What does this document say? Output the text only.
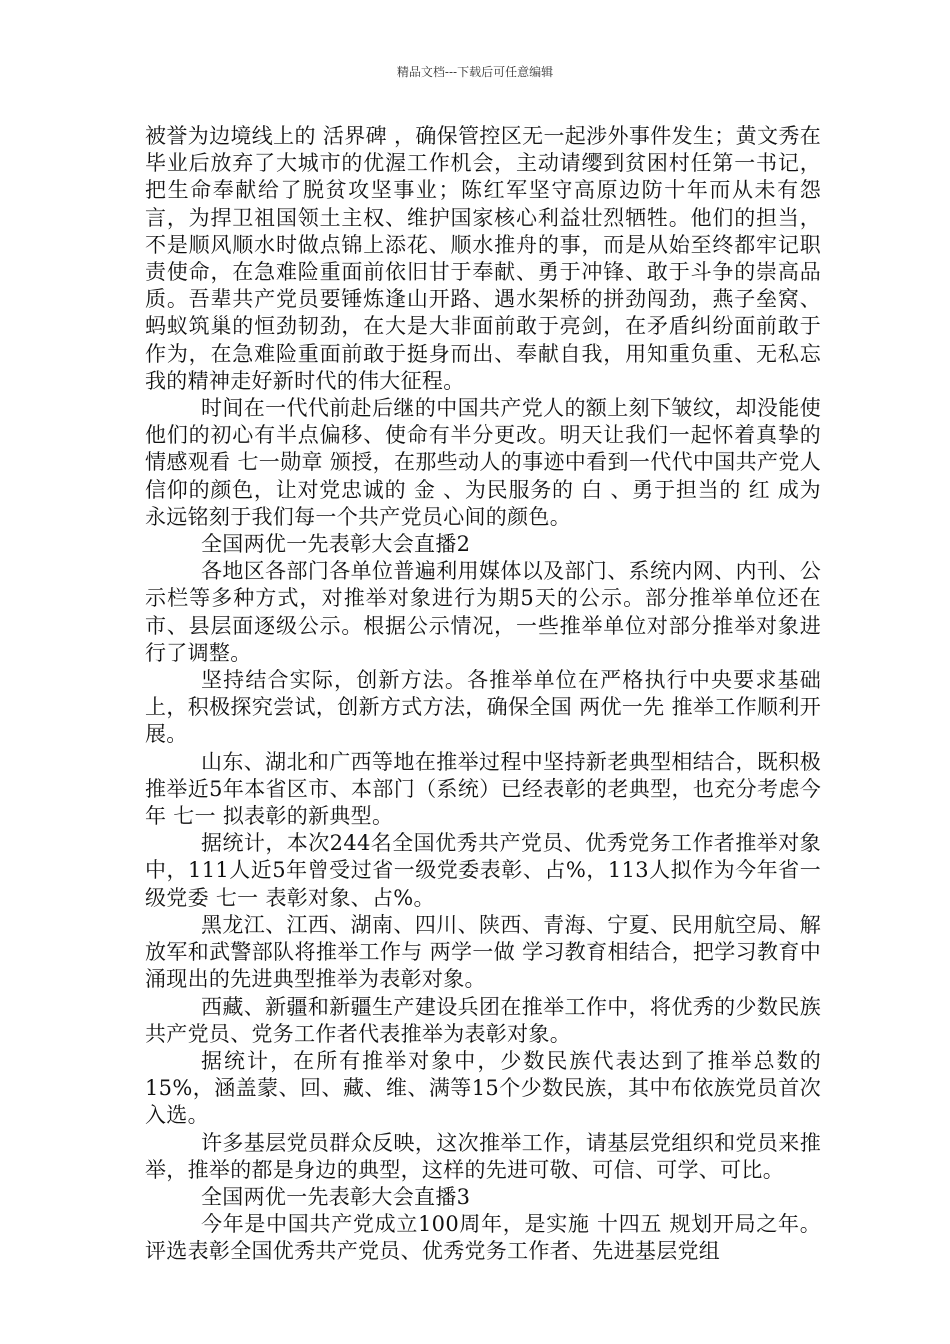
精品文档---下载后可任意编辑

被誉为边境线上的 活界碑 ，确保管控区无一起涉外事件发生；黄文秀在毕业后放弃了大城市的优渥工作机会，主动请缨到贫困村任第一书记，把生命奉献给了脱贫攻坚事业；陈红军坚守高原边防十年而从未有怨言，为捍卫祖国领土主权、维护国家核心利益壮烈牺牲。他们的担当，不是顺风顺水时做点锦上添花、顺水推舟的事，而是从始至终都牢记职责使命，在急难险重面前依旧甘于奉献、勇于冲锋、敢于斗争的崇高品质。吾辈共产党员要锤炼逢山开路、遇水架桥的拼劲闯劲，燕子垒窝、蚂蚁筑巢的恒劲韧劲，在大是大非面前敢于亮剑，在矛盾纠纷面前敢于作为，在急难险重面前敢于挺身而出、奉献自我，用知重负重、无私忘我的精神走好新时代的伟大征程。

时间在一代代前赴后继的中国共产党人的额上刻下皱纹，却没能使他们的初心有半点偏移、使命有半分更改。明天让我们一起怀着真挚的情感观看 七一勋章 颁授，在那些动人的事迹中看到一代代中国共产党人信仰的颜色，让对党忠诚的 金 、为民服务的 白 、勇于担当的 红 成为永远铭刻于我们每一个共产党员心间的颜色。

全国两优一先表彰大会直播2

各地区各部门各单位普遍利用媒体以及部门、系统内网、内刊、公示栏等多种方式，对推举对象进行为期5天的公示。部分推举单位还在市、县层面逐级公示。根据公示情况，一些推举单位对部分推举对象进行了调整。

坚持结合实际，创新方法。各推举单位在严格执行中央要求基础上，积极探究尝试，创新方式方法，确保全国 两优一先 推举工作顺利开展。

山东、湖北和广西等地在推举过程中坚持新老典型相结合，既积极推举近5年本省区市、本部门（系统）已经表彰的老典型，也充分考虑今年 七一 拟表彰的新典型。

据统计，本次244名全国优秀共产党员、优秀党务工作者推举对象中，111人近5年曾受过省一级党委表彰、占%，113人拟作为今年省一级党委 七一 表彰对象、占%。

黑龙江、江西、湖南、四川、陕西、青海、宁夏、民用航空局、解放军和武警部队将推举工作与 两学一做 学习教育相结合，把学习教育中涌现出的先进典型推举为表彰对象。

西藏、新疆和新疆生产建设兵团在推举工作中，将优秀的少数民族共产党员、党务工作者代表推举为表彰对象。

据统计，在所有推举对象中，少数民族代表达到了推举总数的15%，涵盖蒙、回、藏、维、满等15个少数民族，其中布依族党员首次入选。

许多基层党员群众反映，这次推举工作，请基层党组织和党员来推举，推举的都是身边的典型，这样的先进可敬、可信、可学、可比。

全国两优一先表彰大会直播3

今年是中国共产党成立100周年，是实施 十四五 规划开局之年。评选表彰全国优秀共产党员、优秀党务工作者、先进基层党组
